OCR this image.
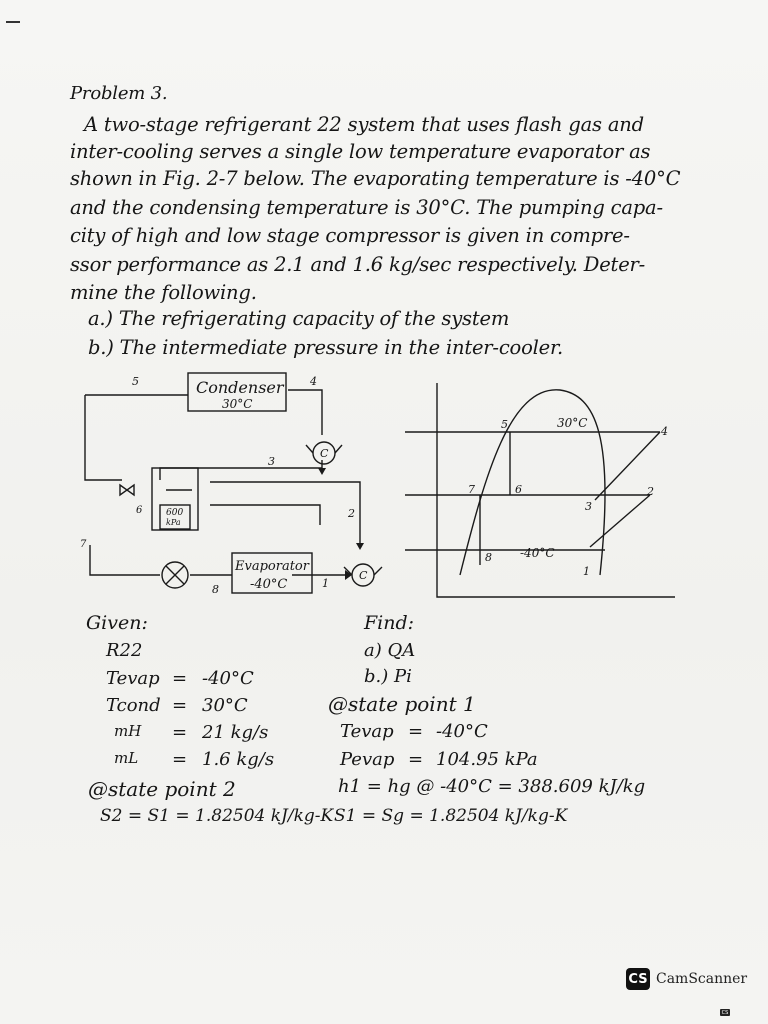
Problem 3.
A two-stage refrigerant 22 system that uses flash gas and
inter-cooling serves a single low temperature evaporator as
shown in Fig. 2-7 below. The evaporating temperature is -40°C
and the condensing temperature is 30°C. The pumping capa-
city of high and low stage compressor is given in compre-
ssor performance as 2.1 and 1.6 kg/sec respectively. Deter-
mine the following.
a.) The refrigerating capacity of the system
b.) The intermediate pressure in the inter-cooler.
Condenser
30°C
Evaporator
-40°C
600
kPa
C
C
1
2
3
4
5
6
7
8
30°C
-40°C
1
2
3
4
5
6
7
8
Given:
R22
Tevap = -40°C
Tcond = 30°C
mH	= 21 kg/s
mL	= 1.6 kg/s
@state point 2
S2 = S1 = 1.82504 kJ/kg-K
Find:
a) QA
b.) Pi
@state point 1
Tevap = -40°C
Pevap = 104.95 kPa
h1 = hg @ -40°C = 388.609 kJ/kg
S1 = Sg = 1.82504 kJ/kg-K
CS CamScanner
CS
